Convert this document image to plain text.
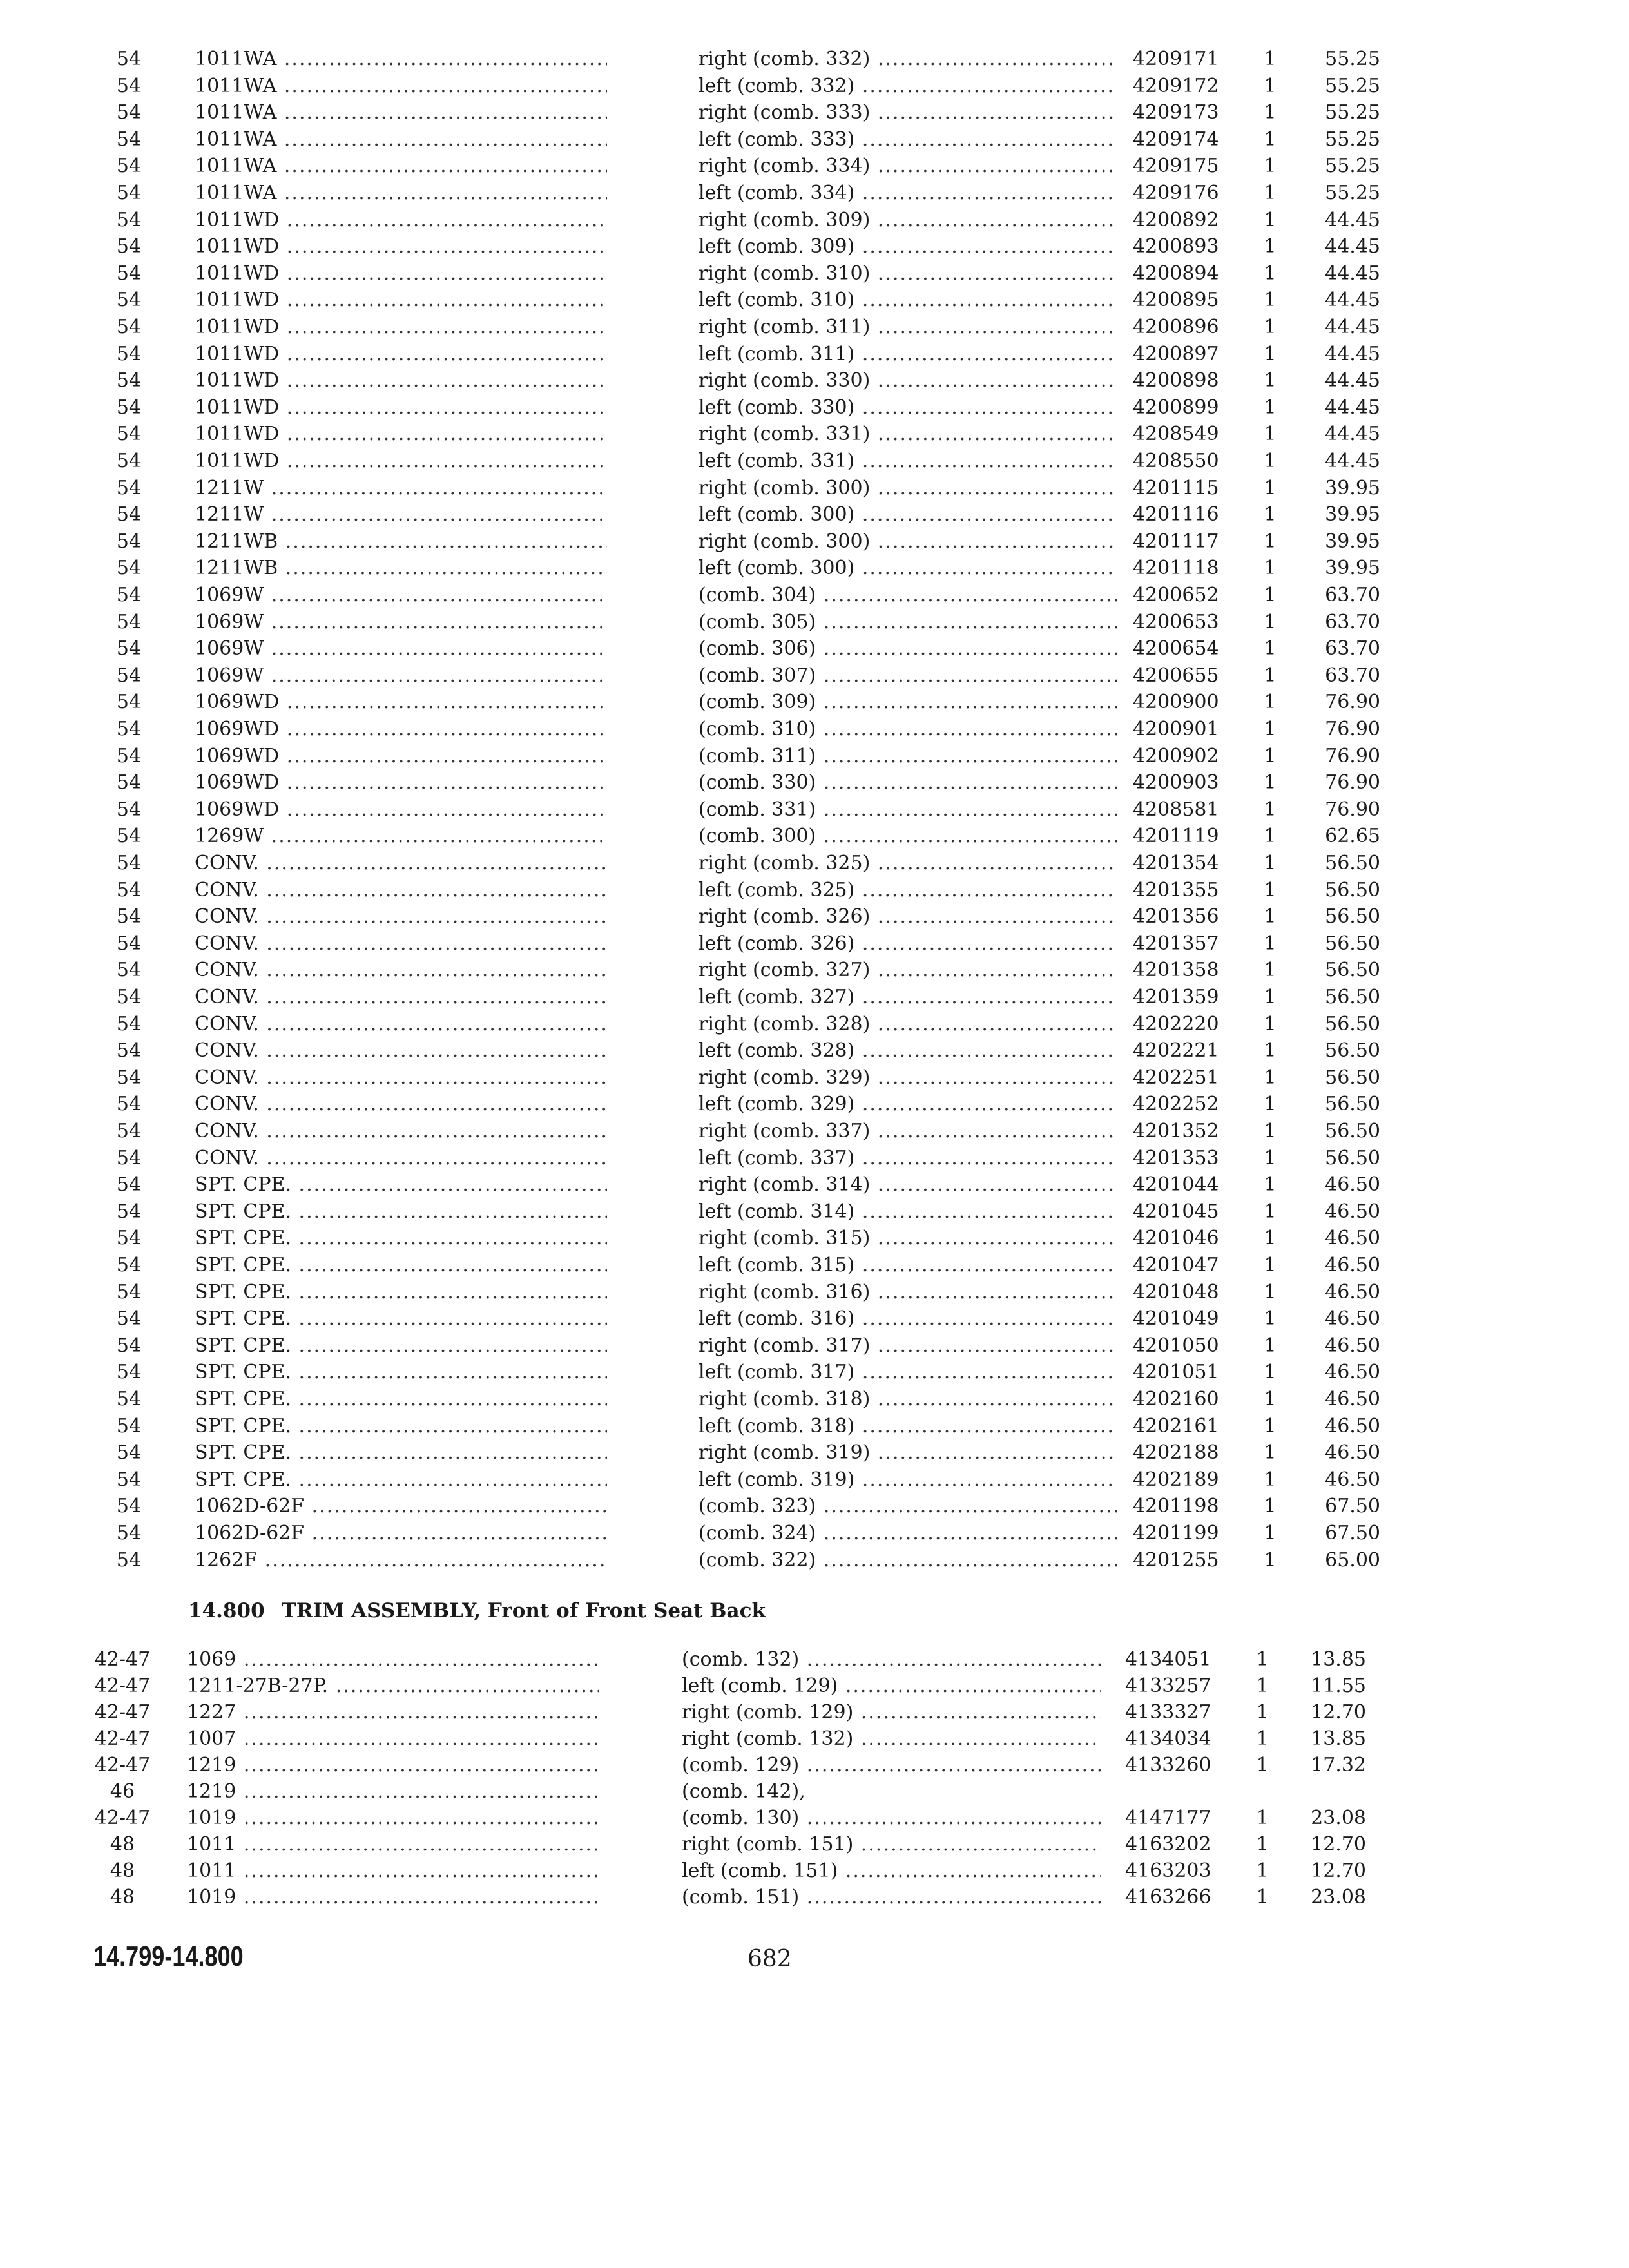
54	1011WA .....	right (comb. 332) .....	4209171 1	55.25
54	1011WA .....	left (comb. 332) .....	4209172 1	55.25
54	1011WA .....	right (comb. 333) .....	4209173 1	55.25
54	1011WA .....	left (comb. 333) .....	4209174 1	55.25
54	1011WA .....	right (comb. 334) .....	4209175 1	55.25
54	1011WA .....	left (comb. 334) .....	4209176 1	55.25
54	1011WD .....	right (comb. 309) .....	4200892 1	44.45
54	1011WD .....	left (comb. 309) .....	4200893 1	44.45
54	1011WD .....	right (comb. 310) .....	4200894 1	44.45
54	1011WD .....	left (comb. 310) .....	4200895 1	44.45
54	1011WD .....	right (comb. 311) .....	4200896 1	44.45
54	1011WD .....	left (comb. 311) .....	4200897 1	44.45
54	1011WD .....	right (comb. 330) .....	4200898 1	44.45
54	1011WD .....	left (comb. 330) .....	4200899 1	44.45
54	1011WD .....	right (comb. 331) .....	4208549 1	44.45
54	1011WD .....	left (comb. 331) .....	4208550 1	44.45
54	1211W .....	right (comb. 300) .....	4201115 1	39.95
54	1211W .....	left (comb. 300) .....	4201116 1	39.95
54	1211WB .....	right (comb. 300) .....	4201117 1	39.95
54	1211WB .....	left (comb. 300) .....	4201118 1	39.95
54	1069W .....	(comb. 304) .....	4200652 1	63.70
54	1069W .....	(comb. 305) .....	4200653 1	63.70
54	1069W .....	(comb. 306) .....	4200654 1	63.70
54	1069W .....	(comb. 307) .....	4200655 1	63.70
54	1069WD .....	(comb. 309) .....	4200900 1	76.90
54	1069WD .....	(comb. 310) .....	4200901 1	76.90
54	1069WD .....	(comb. 311) .....	4200902 1	76.90
54	1069WD .....	(comb. 330) .....	4200903 1	76.90
54	1069WD .....	(comb. 331) .....	4208581 1	76.90
54	1269W .....	(comb. 300) .....	4201119 1	62.65
54	CONV. .....	right (comb. 325) .....	4201354 1	56.50
54	CONV. .....	left (comb. 325) .....	4201355 1	56.50
54	CONV. .....	right (comb. 326) .....	4201356 1	56.50
54	CONV. .....	left (comb. 326) .....	4201357 1	56.50
54	CONV. .....	right (comb. 327) .....	4201358 1	56.50
54	CONV. .....	left (comb. 327) .....	4201359 1	56.50
54	CONV. .....	right (comb. 328) .....	4202220 1	56.50
54	CONV. .....	left (comb. 328) .....	4202221 1	56.50
54	CONV. .....	right (comb. 329) .....	4202251 1	56.50
54	CONV. .....	left (comb. 329) .....	4202252 1	56.50
54	CONV. .....	right (comb. 337) .....	4201352 1	56.50
54	CONV. .....	left (comb. 337) .....	4201353 1	56.50
54	SPT. CPE. .....	right (comb. 314) .....	4201044 1	46.50
54	SPT. CPE. .....	left (comb. 314) .....	4201045 1	46.50
54	SPT. CPE. .....	right (comb. 315) .....	4201046 1	46.50
54	SPT. CPE. .....	left (comb. 315) .....	4201047 1	46.50
54	SPT. CPE. .....	right (comb. 316) .....	4201048 1	46.50
54	SPT. CPE. .....	left (comb. 316) .....	4201049 1	46.50
54	SPT. CPE. .....	right (comb. 317) .....	4201050 1	46.50
54	SPT. CPE. .....	left (comb. 317) .....	4201051 1	46.50
54	SPT. CPE. .....	right (comb. 318) .....	4202160 1	46.50
54	SPT. CPE. .....	left (comb. 318) .....	4202161 1	46.50
54	SPT. CPE. .....	right (comb. 319) .....	4202188 1	46.50
54	SPT. CPE. .....	left (comb. 319) .....	4202189 1	46.50
54	1062D-62F .....	(comb. 323) .....	4201198 1	67.50
54	1062D-62F .....	(comb. 324) .....	4201199 1	67.50
54	1262F .....	(comb. 322) .....	4201255 1	65.00
14.800 TRIM ASSEMBLY, Front of Front Seat Back
42-47	1069 .....	(comb. 132) .....	4134051 1	13.85
42-47	1211-27B-27P. .....	left (comb. 129) .....	4133257 1	11.55
42-47	1227 .....	right (comb. 129) .....	4133327 1	12.70
42-47	1007 .....	right (comb. 132) .....	4134034 1	13.85
42-47	1219 .....	(comb. 129) .....	4133260 1	17.32
46	1219 .....	(comb. 142),
42-47	1019 .....	(comb. 130) .....	4147177 1	23.08
48	1011 .....	right (comb. 151) .....	4163202 1	12.70
48	1011 .....	left (comb. 151) .....	4163203 1	12.70
48	1019 .....	(comb. 151) .....	4163266 1	23.08
14.799-14.800	682
